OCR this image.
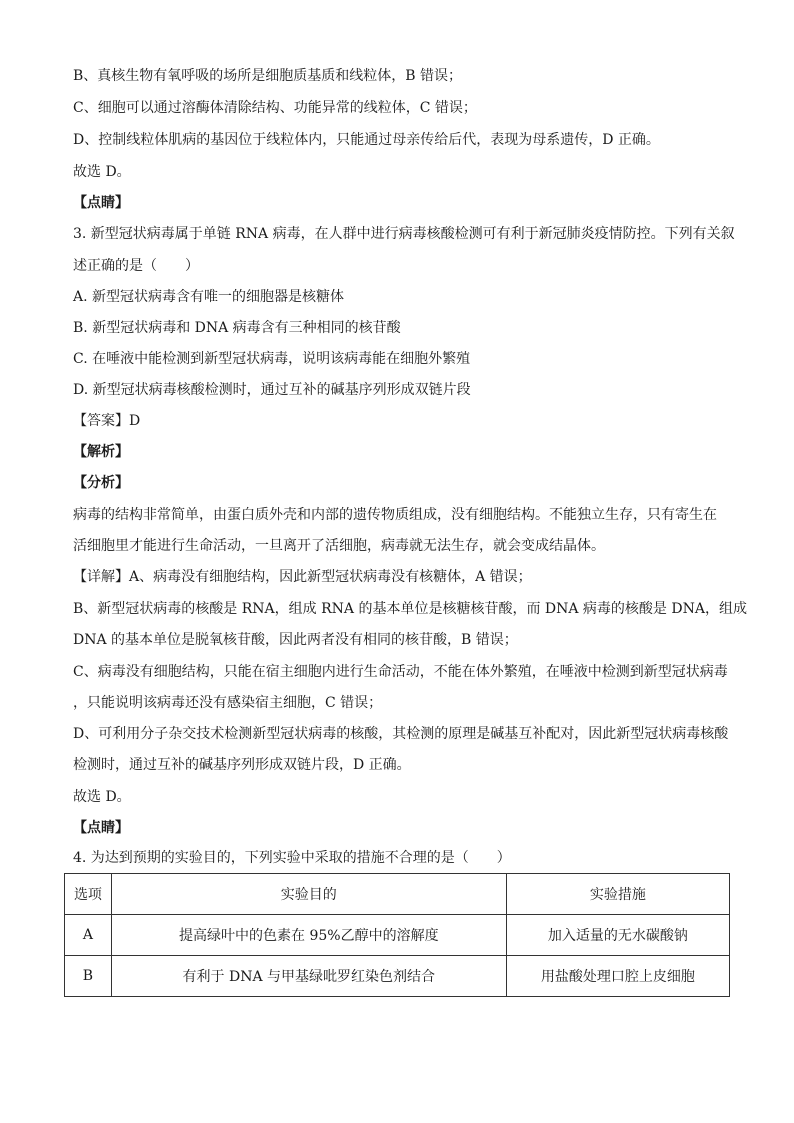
B、真核生物有氧呼吸的场所是细胞质基质和线粒体，B 错误；
C、细胞可以通过溶酶体清除结构、功能异常的线粒体，C 错误；
D、控制线粒体肌病的基因位于线粒体内，只能通过母亲传给后代，表现为母系遗传，D 正确。
故选 D。
【点睛】
3. 新型冠状病毒属于单链 RNA 病毒，在人群中进行病毒核酸检测可有利于新冠肺炎疫情防控。下列有关叙
述正确的是（　　）
A. 新型冠状病毒含有唯一的细胞器是核糖体
B. 新型冠状病毒和 DNA 病毒含有三种相同的核苷酸
C. 在唾液中能检测到新型冠状病毒，说明该病毒能在细胞外繁殖
D. 新型冠状病毒核酸检测时，通过互补的碱基序列形成双链片段
【答案】D
【解析】
【分析】
病毒的结构非常简单，由蛋白质外壳和内部的遗传物质组成，没有细胞结构。不能独立生存，只有寄生在
活细胞里才能进行生命活动，一旦离开了活细胞，病毒就无法生存，就会变成结晶体。
【详解】A、病毒没有细胞结构，因此新型冠状病毒没有核糖体，A 错误；
B、新型冠状病毒的核酸是 RNA，组成 RNA 的基本单位是核糖核苷酸，而 DNA 病毒的核酸是 DNA，组成
DNA 的基本单位是脱氧核苷酸，因此两者没有相同的核苷酸，B 错误；
C、病毒没有细胞结构，只能在宿主细胞内进行生命活动，不能在体外繁殖，在唾液中检测到新型冠状病毒
，只能说明该病毒还没有感染宿主细胞，C 错误；
D、可利用分子杂交技术检测新型冠状病毒的核酸，其检测的原理是碱基互补配对，因此新型冠状病毒核酸
检测时，通过互补的碱基序列形成双链片段，D 正确。
故选 D。
【点睛】
4. 为达到预期的实验目的，下列实验中采取的措施不合理的是（　　）
选项	实验目的	实验措施
A	提高绿叶中的色素在 95%乙醇中的溶解度	加入适量的无水碳酸钠
B	有利于 DNA 与甲基绿吡罗红染色剂结合	用盐酸处理口腔上皮细胞
